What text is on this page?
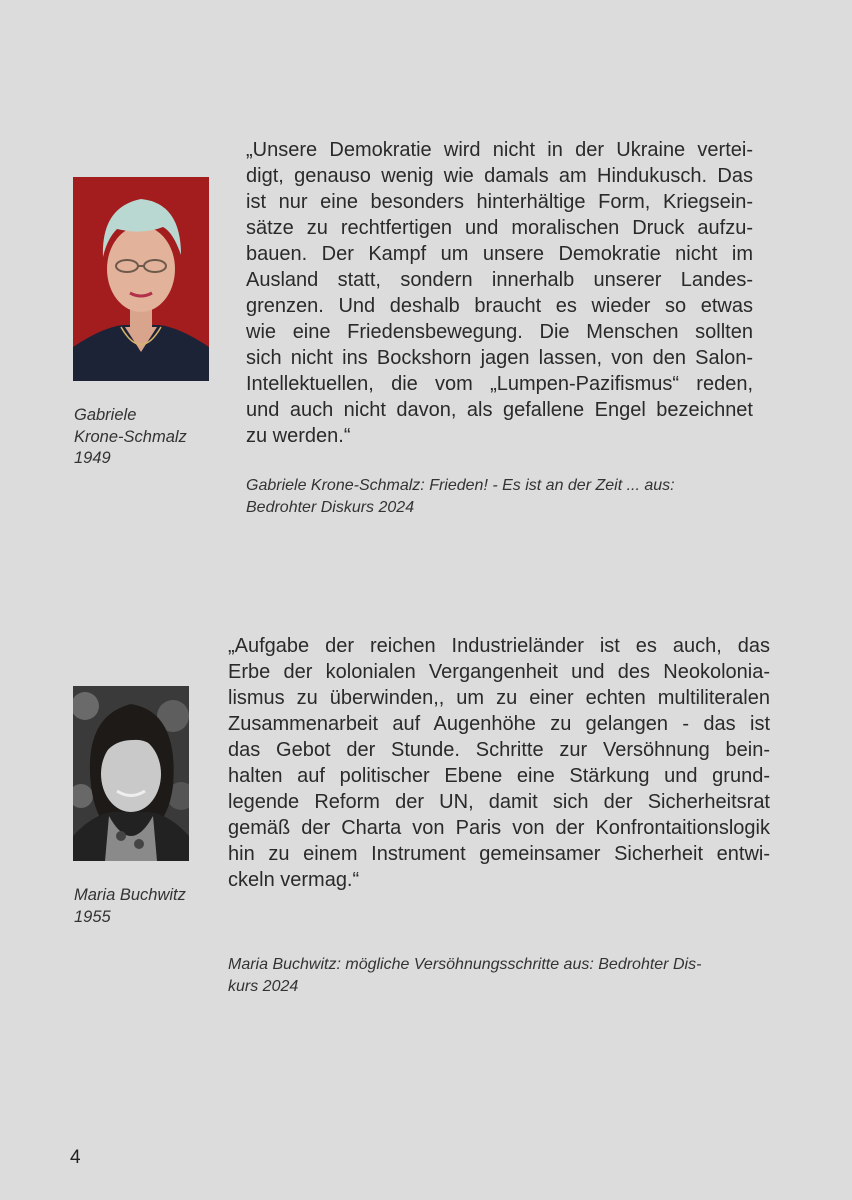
Gabriele
Krone-Schmalz
1949
„Unsere Demokratie wird nicht in der Ukraine vertei-
digt, genauso wenig wie damals am Hindukusch. Das
ist nur eine besonders hinterhältige Form, Kriegsein-
sätze zu rechtfertigen und moralischen Druck aufzu-
bauen. Der Kampf um unsere Demokratie nicht im
Ausland statt, sondern innerhalb unserer Landes-
grenzen. Und deshalb braucht es wieder so etwas
wie eine Friedensbewegung. Die Menschen sollten
sich nicht ins Bockshorn jagen lassen, von den Salon-
Intellektuellen, die vom „Lumpen-Pazifismus“ reden,
und auch nicht davon, als gefallene Engel bezeichnet
zu werden.“
Gabriele Krone-Schmalz: Frieden! - Es ist an der Zeit ... aus:
Bedrohter Diskurs 2024
Maria Buchwitz
1955
„Aufgabe der reichen Industrieländer ist es auch, das
Erbe der kolonialen Vergangenheit und des Neokolonia-
lismus zu überwinden,, um zu einer echten multiliteralen
Zusammenarbeit auf Augenhöhe zu gelangen - das ist
das Gebot der Stunde. Schritte zur Versöhnung bein-
halten auf politischer Ebene eine Stärkung und grund-
legende Reform der UN, damit sich der Sicherheitsrat
gemäß der Charta von Paris von der Konfrontaitionslogik
hin zu einem Instrument gemeinsamer Sicherheit entwi-
ckeln vermag.“
Maria Buchwitz: mögliche Versöhnungsschritte aus: Bedrohter Dis-
kurs 2024
4
